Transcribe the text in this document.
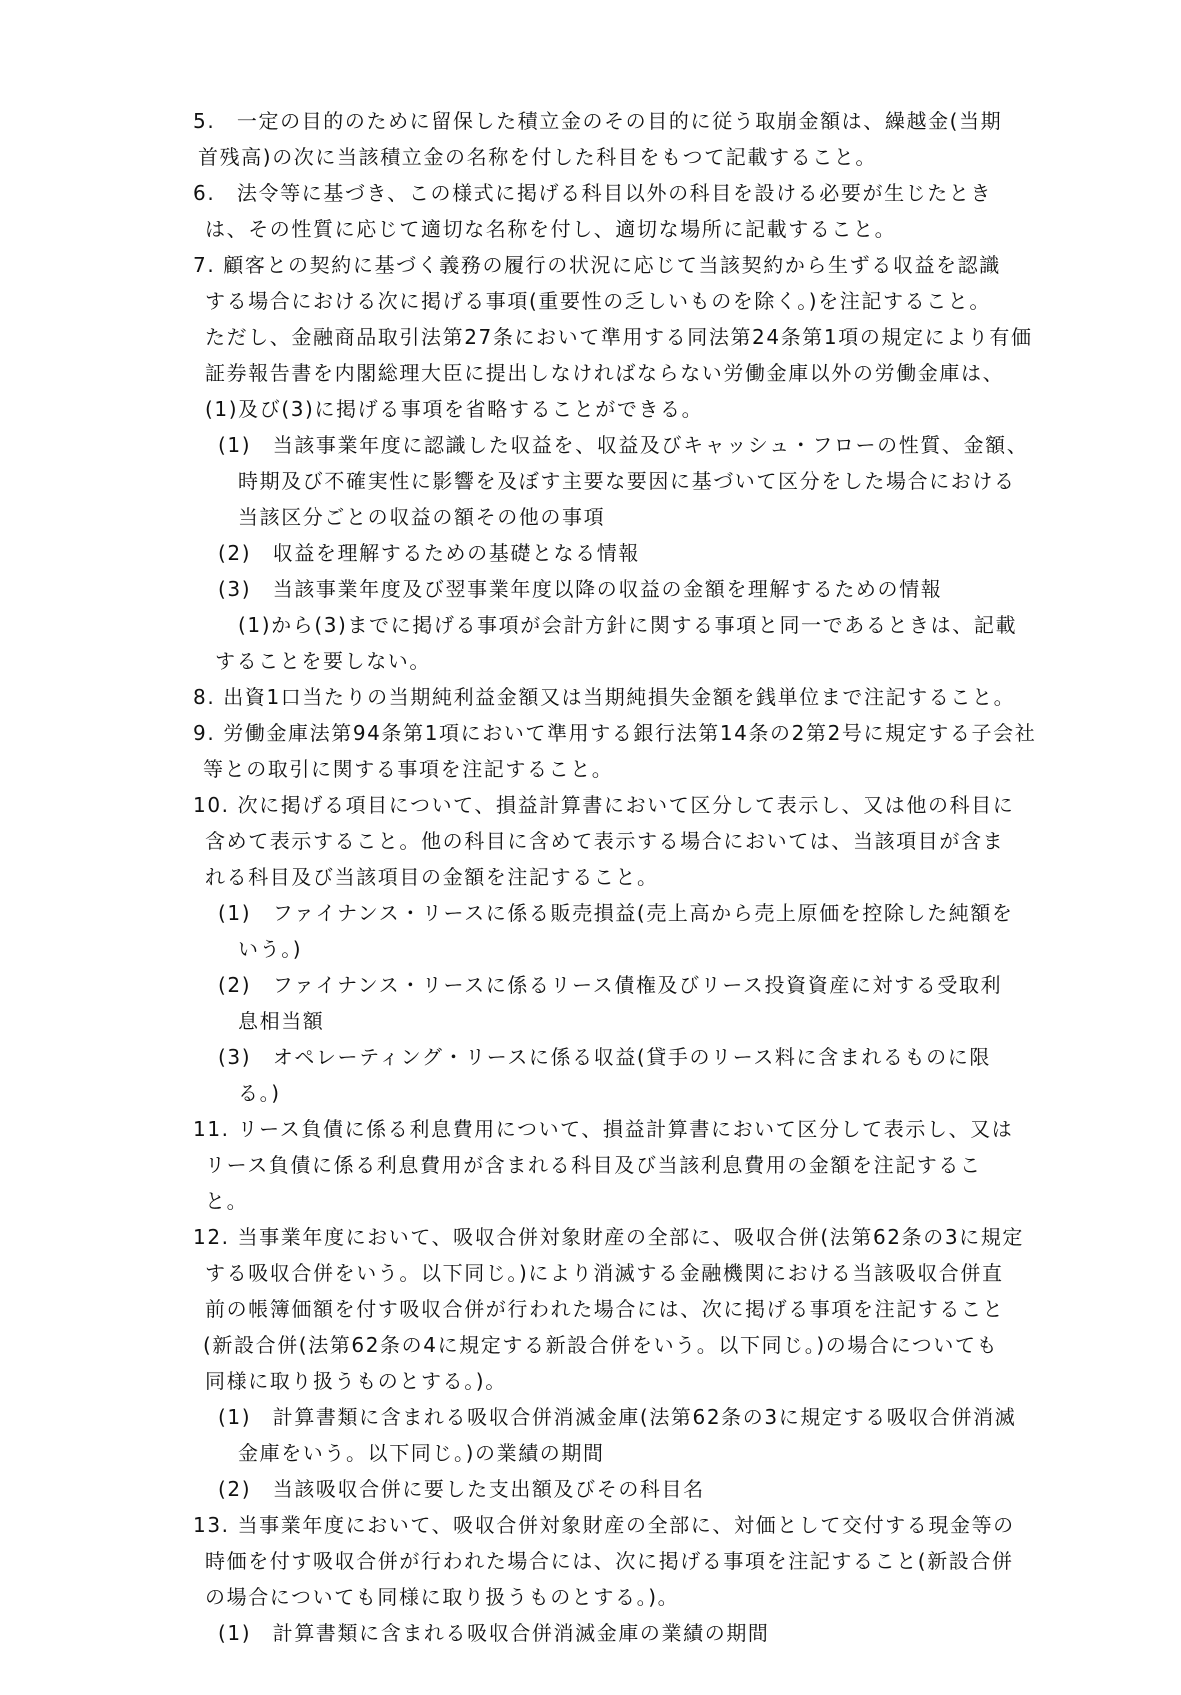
5.　一定の目的のために留保した積立金のその目的に従う取崩金額は、繰越金(当期
首残高)の次に当該積立金の名称を付した科目をもつて記載すること。
6.　法令等に基づき、この様式に掲げる科目以外の科目を設ける必要が生じたとき
は、その性質に応じて適切な名称を付し、適切な場所に記載すること。
7. 顧客との契約に基づく義務の履行の状況に応じて当該契約から生ずる収益を認識
する場合における次に掲げる事項(重要性の乏しいものを除く。)を注記すること。
ただし、金融商品取引法第27条において準用する同法第24条第1項の規定により有価
証券報告書を内閣総理大臣に提出しなければならない労働金庫以外の労働金庫は、
(1)及び(3)に掲げる事項を省略することができる。
(1)　当該事業年度に認識した収益を、収益及びキャッシュ・フローの性質、金額、
時期及び不確実性に影響を及ぼす主要な要因に基づいて区分をした場合における
当該区分ごとの収益の額その他の事項
(2)　収益を理解するための基礎となる情報
(3)　当該事業年度及び翌事業年度以降の収益の金額を理解するための情報
(1)から(3)までに掲げる事項が会計方針に関する事項と同一であるときは、記載
することを要しない。
8. 出資1口当たりの当期純利益金額又は当期純損失金額を銭単位まで注記すること。
9. 労働金庫法第94条第1項において準用する銀行法第14条の2第2号に規定する子会社
等との取引に関する事項を注記すること。
10. 次に掲げる項目について、損益計算書において区分して表示し、又は他の科目に
含めて表示すること。他の科目に含めて表示する場合においては、当該項目が含ま
れる科目及び当該項目の金額を注記すること。
(1)　ファイナンス・リースに係る販売損益(売上高から売上原価を控除した純額を
いう。)
(2)　ファイナンス・リースに係るリース債権及びリース投資資産に対する受取利
息相当額
(3)　オペレーティング・リースに係る収益(貸手のリース料に含まれるものに限
る。)
11. リース負債に係る利息費用について、損益計算書において区分して表示し、又は
リース負債に係る利息費用が含まれる科目及び当該利息費用の金額を注記するこ
と。
12. 当事業年度において、吸収合併対象財産の全部に、吸収合併(法第62条の3に規定
する吸収合併をいう。以下同じ。)により消滅する金融機関における当該吸収合併直
前の帳簿価額を付す吸収合併が行われた場合には、次に掲げる事項を注記すること
(新設合併(法第62条の4に規定する新設合併をいう。以下同じ。)の場合についても
同様に取り扱うものとする。)。
(1)　計算書類に含まれる吸収合併消滅金庫(法第62条の3に規定する吸収合併消滅
金庫をいう。以下同じ。)の業績の期間
(2)　当該吸収合併に要した支出額及びその科目名
13. 当事業年度において、吸収合併対象財産の全部に、対価として交付する現金等の
時価を付す吸収合併が行われた場合には、次に掲げる事項を注記すること(新設合併
の場合についても同様に取り扱うものとする。)。
(1)　計算書類に含まれる吸収合併消滅金庫の業績の期間
